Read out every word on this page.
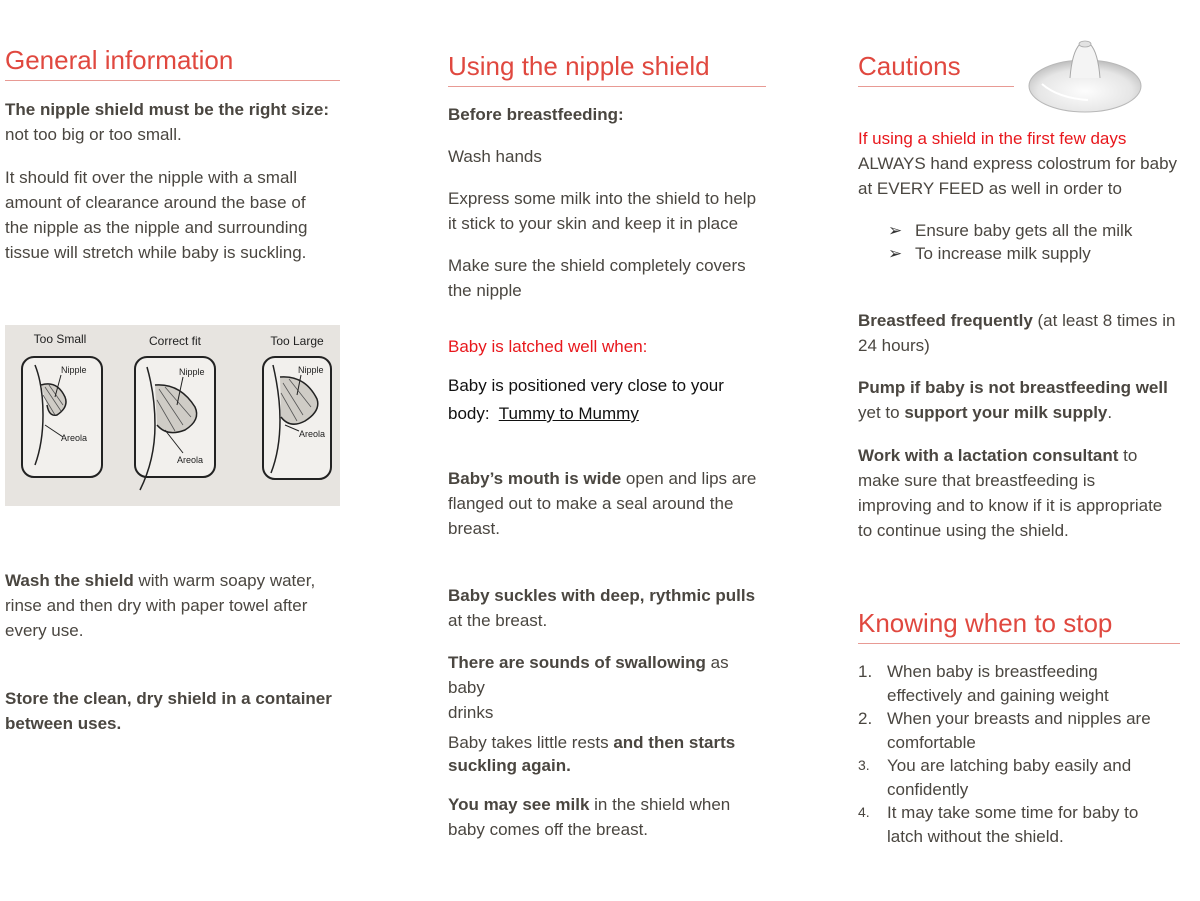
General information

The nipple shield must be the right size:
not too big or too small.

It should fit over the nipple with a small
amount of clearance around the base of
the nipple as the nipple and surrounding
tissue will stretch while baby is suckling.

Too Small
Nipple
Areola
Correct fit
Nipple
Areola
Too Large
Nipple
Areola

Wash the shield with warm soapy water,
rinse and then dry with paper towel after
every use.

Store the clean, dry shield in a container
between uses.

Using the nipple shield

Before breastfeeding:

Wash hands

Express some milk into the shield to help
it stick to your skin and keep it in place

Make sure the shield completely covers
the nipple

Baby is latched well when:

Baby is positioned very close to your
body:  Tummy to Mummy

Baby’s mouth is wide open and lips are
flanged out to make a seal around the
breast.

Baby suckles with deep, rythmic pulls
at the breast.

There are sounds of swallowing as baby
drinks

Baby takes little rests and then starts
suckling again.

You may see milk in the shield when
baby comes off the breast.

Cautions

If using a shield in the first few days
ALWAYS hand express colostrum for baby
at EVERY FEED as well in order to

➢ Ensure baby gets all the milk
➢ To increase milk supply

Breastfeed frequently (at least 8 times in
24 hours)

Pump if baby is not breastfeeding well
yet to support your milk supply.

Work with a lactation consultant to
make sure that breastfeeding is
improving and to know if it is appropriate
to continue using the shield.

Knowing when to stop
1. When baby is breastfeeding
effectively and gaining weight
2. When your breasts and nipples are
comfortable
3. You are latching baby easily and
confidently
4. It may take some time for baby to
latch without the shield.
